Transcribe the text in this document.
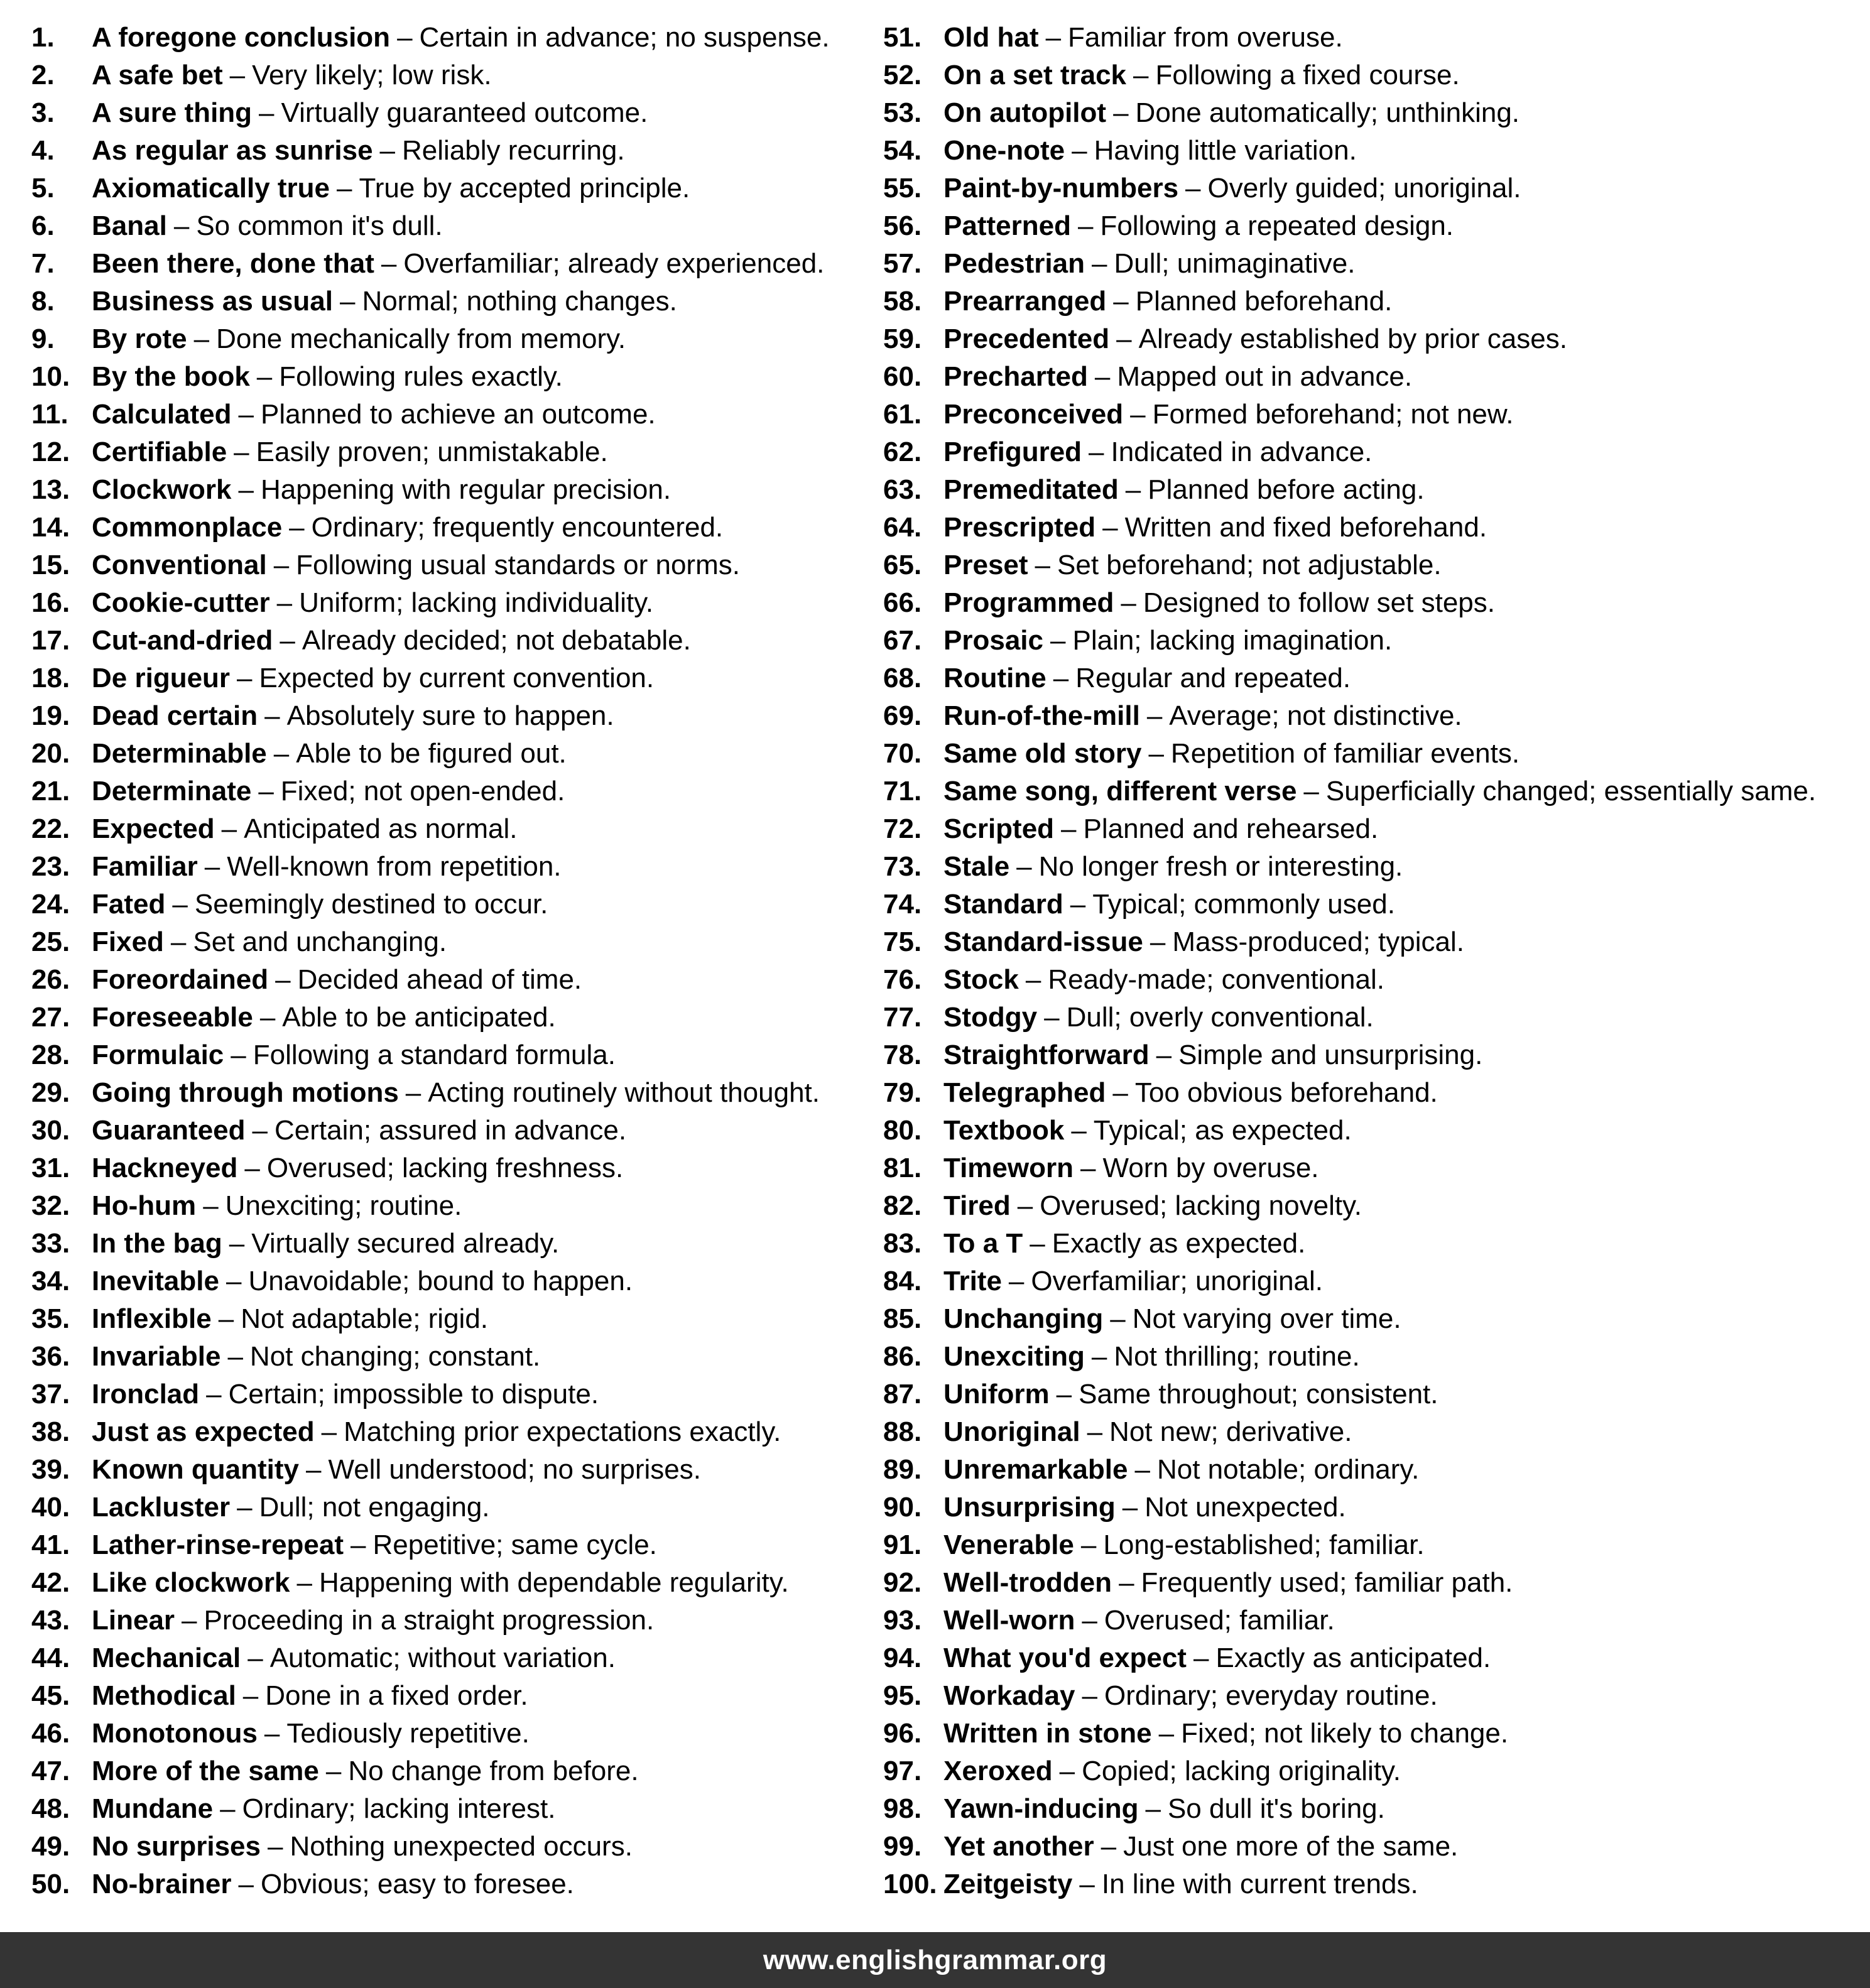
1. A foregone conclusion – Certain in advance; no suspense.
2. A safe bet – Very likely; low risk.
3. A sure thing – Virtually guaranteed outcome.
4. As regular as sunrise – Reliably recurring.
5. Axiomatically true – True by accepted principle.
6. Banal – So common it's dull.
7. Been there, done that – Overfamiliar; already experienced.
8. Business as usual – Normal; nothing changes.
9. By rote – Done mechanically from memory.
10. By the book – Following rules exactly.
11. Calculated – Planned to achieve an outcome.
12. Certifiable – Easily proven; unmistakable.
13. Clockwork – Happening with regular precision.
14. Commonplace – Ordinary; frequently encountered.
15. Conventional – Following usual standards or norms.
16. Cookie-cutter – Uniform; lacking individuality.
17. Cut-and-dried – Already decided; not debatable.
18. De rigueur – Expected by current convention.
19. Dead certain – Absolutely sure to happen.
20. Determinable – Able to be figured out.
21. Determinate – Fixed; not open-ended.
22. Expected – Anticipated as normal.
23. Familiar – Well-known from repetition.
24. Fated – Seemingly destined to occur.
25. Fixed – Set and unchanging.
26. Foreordained – Decided ahead of time.
27. Foreseeable – Able to be anticipated.
28. Formulaic – Following a standard formula.
29. Going through motions – Acting routinely without thought.
30. Guaranteed – Certain; assured in advance.
31. Hackneyed – Overused; lacking freshness.
32. Ho-hum – Unexciting; routine.
33. In the bag – Virtually secured already.
34. Inevitable – Unavoidable; bound to happen.
35. Inflexible – Not adaptable; rigid.
36. Invariable – Not changing; constant.
37. Ironclad – Certain; impossible to dispute.
38. Just as expected – Matching prior expectations exactly.
39. Known quantity – Well understood; no surprises.
40. Lackluster – Dull; not engaging.
41. Lather-rinse-repeat – Repetitive; same cycle.
42. Like clockwork – Happening with dependable regularity.
43. Linear – Proceeding in a straight progression.
44. Mechanical – Automatic; without variation.
45. Methodical – Done in a fixed order.
46. Monotonous – Tediously repetitive.
47. More of the same – No change from before.
48. Mundane – Ordinary; lacking interest.
49. No surprises – Nothing unexpected occurs.
50. No-brainer – Obvious; easy to foresee.
51. Old hat – Familiar from overuse.
52. On a set track – Following a fixed course.
53. On autopilot – Done automatically; unthinking.
54. One-note – Having little variation.
55. Paint-by-numbers – Overly guided; unoriginal.
56. Patterned – Following a repeated design.
57. Pedestrian – Dull; unimaginative.
58. Prearranged – Planned beforehand.
59. Precedented – Already established by prior cases.
60. Precharted – Mapped out in advance.
61. Preconceived – Formed beforehand; not new.
62. Prefigured – Indicated in advance.
63. Premeditated – Planned before acting.
64. Prescripted – Written and fixed beforehand.
65. Preset – Set beforehand; not adjustable.
66. Programmed – Designed to follow set steps.
67. Prosaic – Plain; lacking imagination.
68. Routine – Regular and repeated.
69. Run-of-the-mill – Average; not distinctive.
70. Same old story – Repetition of familiar events.
71. Same song, different verse – Superficially changed; essentially same.
72. Scripted – Planned and rehearsed.
73. Stale – No longer fresh or interesting.
74. Standard – Typical; commonly used.
75. Standard-issue – Mass-produced; typical.
76. Stock – Ready-made; conventional.
77. Stodgy – Dull; overly conventional.
78. Straightforward – Simple and unsurprising.
79. Telegraphed – Too obvious beforehand.
80. Textbook – Typical; as expected.
81. Timeworn – Worn by overuse.
82. Tired – Overused; lacking novelty.
83. To a T – Exactly as expected.
84. Trite – Overfamiliar; unoriginal.
85. Unchanging – Not varying over time.
86. Unexciting – Not thrilling; routine.
87. Uniform – Same throughout; consistent.
88. Unoriginal – Not new; derivative.
89. Unremarkable – Not notable; ordinary.
90. Unsurprising – Not unexpected.
91. Venerable – Long-established; familiar.
92. Well-trodden – Frequently used; familiar path.
93. Well-worn – Overused; familiar.
94. What you'd expect – Exactly as anticipated.
95. Workaday – Ordinary; everyday routine.
96. Written in stone – Fixed; not likely to change.
97. Xeroxed – Copied; lacking originality.
98. Yawn-inducing – So dull it's boring.
99. Yet another – Just one more of the same.
100. Zeitgeisty – In line with current trends.
www.englishgrammar.org
